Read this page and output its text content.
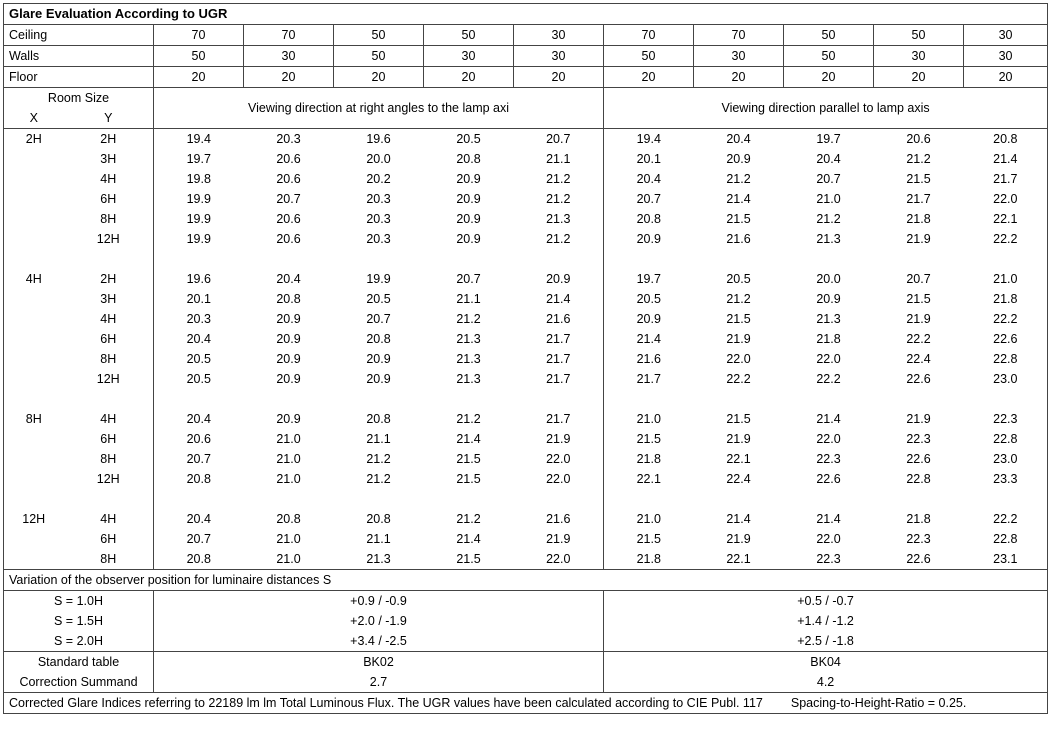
Glare Evaluation According to UGR											
Ceiling		70	70	50	50	30	70	70	50	50	30
Walls		50	30	50	30	30	50	30	50	30	30
Floor		20	20	20	20	20	20	20	20	20	20
Room Size		Viewing direction at right angles to the lamp axi					Viewing direction parallel to lamp axis				
X	Y										
2H	2H	19.4	20.3	19.6	20.5	20.7	19.4	20.4	19.7	20.6	20.8
	3H	19.7	20.6	20.0	20.8	21.1	20.1	20.9	20.4	21.2	21.4
	4H	19.8	20.6	20.2	20.9	21.2	20.4	21.2	20.7	21.5	21.7
	6H	19.9	20.7	20.3	20.9	21.2	20.7	21.4	21.0	21.7	22.0
	8H	19.9	20.6	20.3	20.9	21.3	20.8	21.5	21.2	21.8	22.1
	12H	19.9	20.6	20.3	20.9	21.2	20.9	21.6	21.3	21.9	22.2

4H	2H	19.6	20.4	19.9	20.7	20.9	19.7	20.5	20.0	20.7	21.0
	3H	20.1	20.8	20.5	21.1	21.4	20.5	21.2	20.9	21.5	21.8
	4H	20.3	20.9	20.7	21.2	21.6	20.9	21.5	21.3	21.9	22.2
	6H	20.4	20.9	20.8	21.3	21.7	21.4	21.9	21.8	22.2	22.6
	8H	20.5	20.9	20.9	21.3	21.7	21.6	22.0	22.0	22.4	22.8
	12H	20.5	20.9	20.9	21.3	21.7	21.7	22.2	22.2	22.6	23.0

8H	4H	20.4	20.9	20.8	21.2	21.7	21.0	21.5	21.4	21.9	22.3
	6H	20.6	21.0	21.1	21.4	21.9	21.5	21.9	22.0	22.3	22.8
	8H	20.7	21.0	21.2	21.5	22.0	21.8	22.1	22.3	22.6	23.0
	12H	20.8	21.0	21.2	21.5	22.0	22.1	22.4	22.6	22.8	23.3

12H	4H	20.4	20.8	20.8	21.2	21.6	21.0	21.4	21.4	21.8	22.2
	6H	20.7	21.0	21.1	21.4	21.9	21.5	21.9	22.0	22.3	22.8
	8H	20.8	21.0	21.3	21.5	22.0	21.8	22.1	22.3	22.6	23.1
Variation of the observer position for luminaire distances S											
S = 1.0H		+0.9 / -0.9					+0.5 / -0.7				
S = 1.5H		+2.0 / -1.9					+1.4 / -1.2				
S = 2.0H		+3.4 / -2.5					+2.5 / -1.8				
Standard table		BK02					BK04				
Correction Summand		2.7					4.2				
Corrected Glare Indices referring to 22189 lm lm Total Luminous Flux. The UGR values have been calculated according to CIE Publ. 117 Spacing-to-Height-Ratio = 0.25.											
